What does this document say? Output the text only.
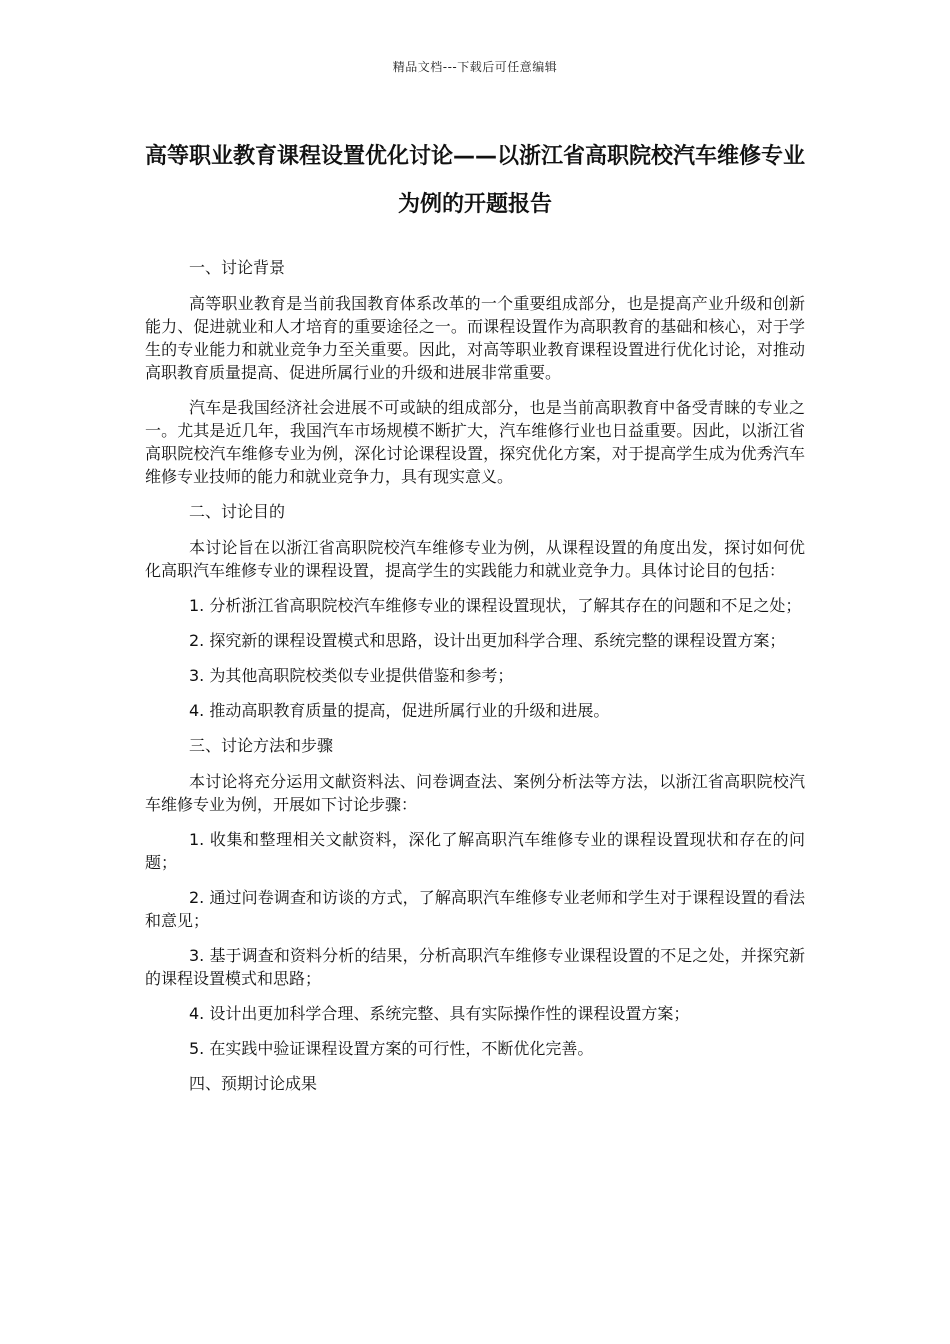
精品文档---下载后可任意编辑
高等职业教育课程设置优化讨论——以浙江省高职院校汽车维修专业为例的开题报告

一、讨论背景

高等职业教育是当前我国教育体系改革的一个重要组成部分，也是提高产业升级和创新能力、促进就业和人才培育的重要途径之一。而课程设置作为高职教育的基础和核心，对于学生的专业能力和就业竞争力至关重要。因此，对高等职业教育课程设置进行优化讨论，对推动高职教育质量提高、促进所属行业的升级和进展非常重要。

汽车是我国经济社会进展不可或缺的组成部分，也是当前高职教育中备受青睐的专业之一。尤其是近几年，我国汽车市场规模不断扩大，汽车维修行业也日益重要。因此，以浙江省高职院校汽车维修专业为例，深化讨论课程设置，探究优化方案，对于提高学生成为优秀汽车维修专业技师的能力和就业竞争力，具有现实意义。

二、讨论目的

本讨论旨在以浙江省高职院校汽车维修专业为例，从课程设置的角度出发，探讨如何优化高职汽车维修专业的课程设置，提高学生的实践能力和就业竞争力。具体讨论目的包括：

1. 分析浙江省高职院校汽车维修专业的课程设置现状，了解其存在的问题和不足之处；

2. 探究新的课程设置模式和思路，设计出更加科学合理、系统完整的课程设置方案；

3. 为其他高职院校类似专业提供借鉴和参考；

4. 推动高职教育质量的提高，促进所属行业的升级和进展。

三、讨论方法和步骤

本讨论将充分运用文献资料法、问卷调查法、案例分析法等方法，以浙江省高职院校汽车维修专业为例，开展如下讨论步骤：

1. 收集和整理相关文献资料，深化了解高职汽车维修专业的课程设置现状和存在的问题；

2. 通过问卷调查和访谈的方式，了解高职汽车维修专业老师和学生对于课程设置的看法和意见；

3. 基于调查和资料分析的结果，分析高职汽车维修专业课程设置的不足之处，并探究新的课程设置模式和思路；

4. 设计出更加科学合理、系统完整、具有实际操作性的课程设置方案；

5. 在实践中验证课程设置方案的可行性，不断优化完善。

四、预期讨论成果
